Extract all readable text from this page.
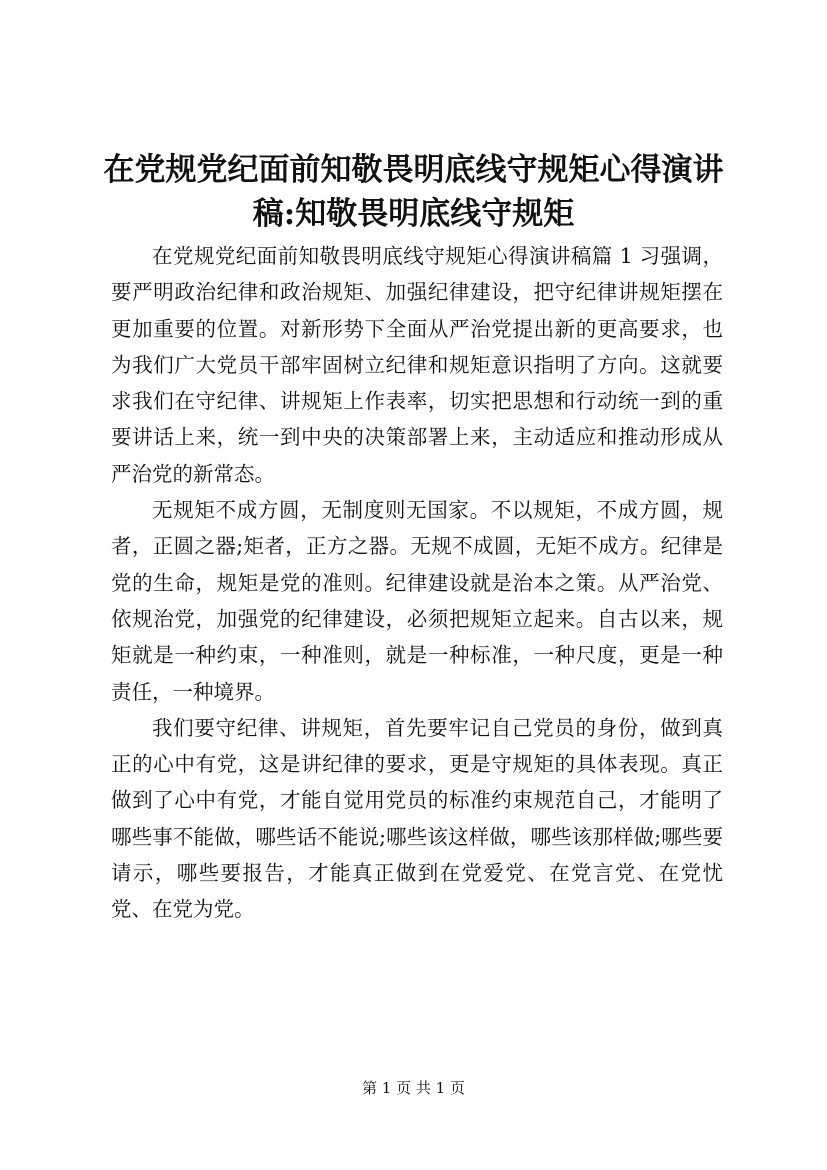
在党规党纪面前知敬畏明底线守规矩心得演讲稿:知敬畏明底线守规矩

在党规党纪面前知敬畏明底线守规矩心得演讲稿篇 1 习强调，要严明政治纪律和政治规矩、加强纪律建设，把守纪律讲规矩摆在更加重要的位置。对新形势下全面从严治党提出新的更高要求，也为我们广大党员干部牢固树立纪律和规矩意识指明了方向。这就要求我们在守纪律、讲规矩上作表率，切实把思想和行动统一到的重要讲话上来，统一到中央的决策部署上来，主动适应和推动形成从严治党的新常态。

无规矩不成方圆，无制度则无国家。不以规矩，不成方圆，规者，正圆之器;矩者，正方之器。无规不成圆，无矩不成方。纪律是党的生命，规矩是党的准则。纪律建设就是治本之策。从严治党、依规治党，加强党的纪律建设，必须把规矩立起来。自古以来，规矩就是一种约束，一种准则，就是一种标准，一种尺度，更是一种责任，一种境界。

我们要守纪律、讲规矩，首先要牢记自己党员的身份，做到真正的心中有党，这是讲纪律的要求，更是守规矩的具体表现。真正做到了心中有党，才能自觉用党员的标准约束规范自己，才能明了哪些事不能做，哪些话不能说;哪些该这样做，哪些该那样做;哪些要请示，哪些要报告，才能真正做到在党爱党、在党言党、在党忧党、在党为党。

第 1 页 共 1 页
